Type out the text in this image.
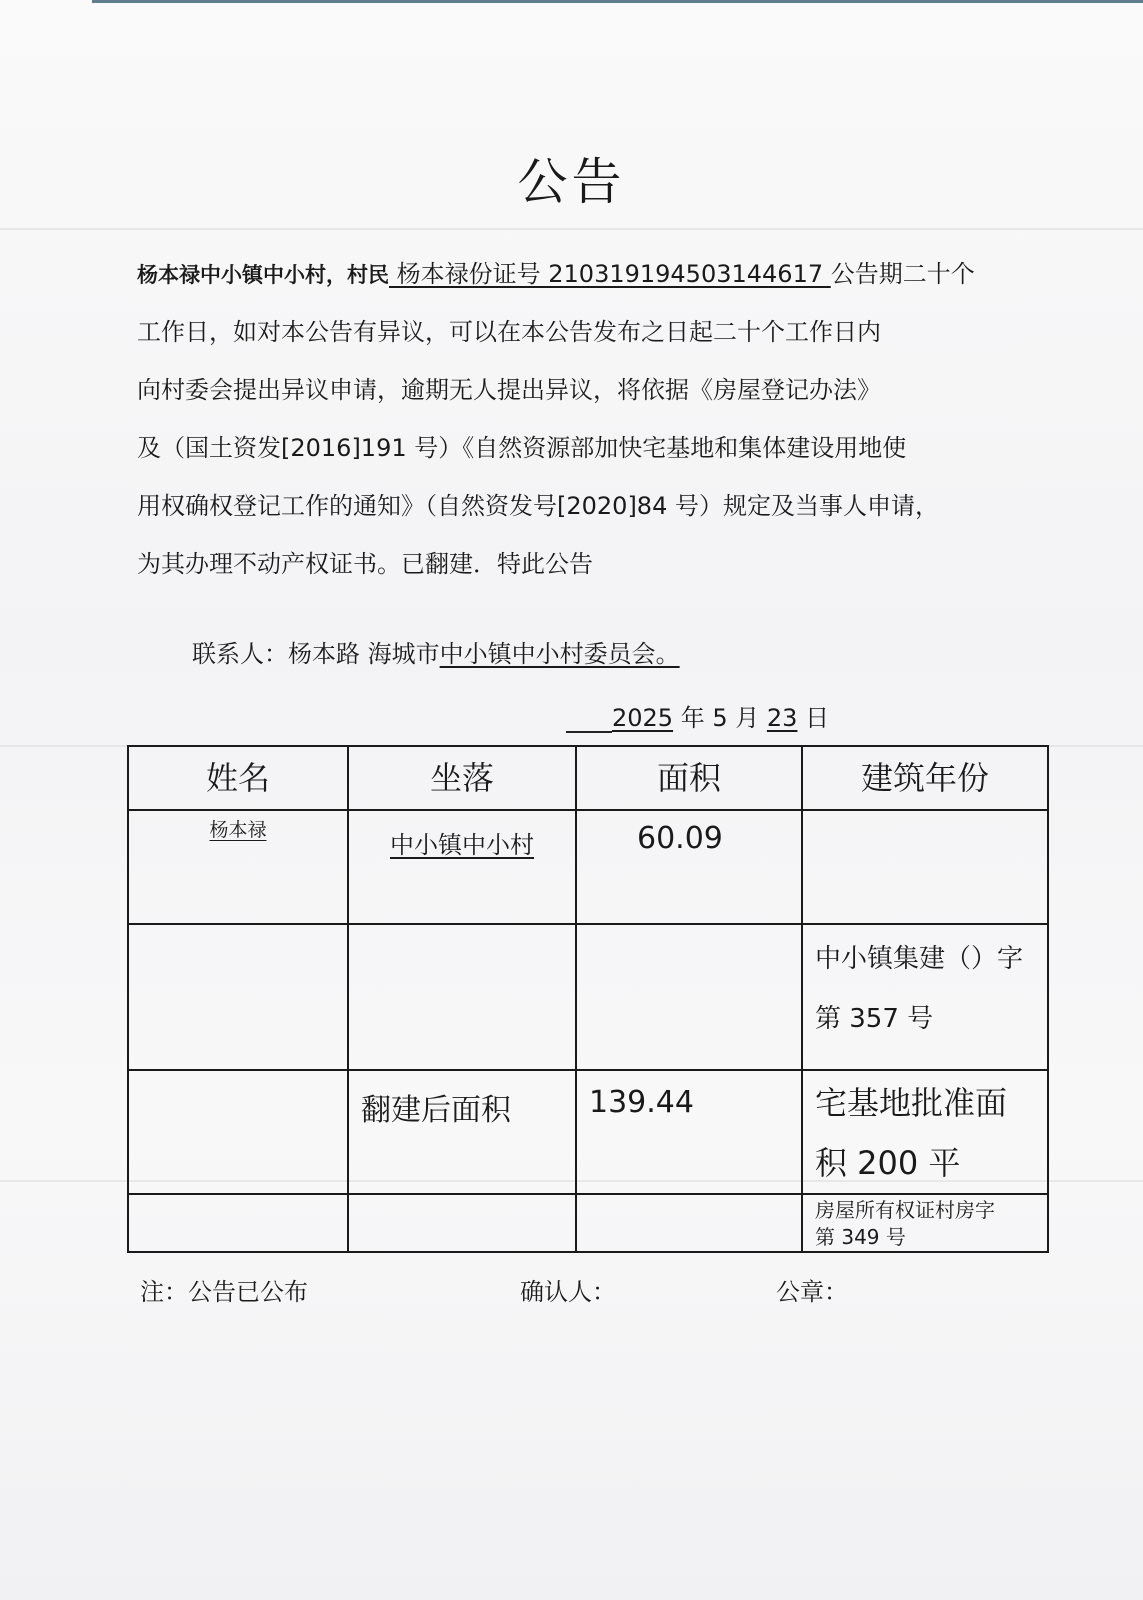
公告
杨本禄中小镇中小村，村民 杨本禄份证号 210319194503144617 公告期二十个
工作日，如对本公告有异议，可以在本公告发布之日起二十个工作日内
向村委会提出异议申请，逾期无人提出异议，将依据《房屋登记办法》
及（国土资发[2016]191 号）《自然资源部加快宅基地和集体建设用地使
用权确权登记工作的通知》（自然资发号[2020]84 号）规定及当事人申请，
为其办理不动产权证书。已翻建．特此公告
联系人：杨本路 海城市中小镇中小村委员会。
2025 年 5 月 23 日
姓名	坐落	面积	建筑年份
杨本禄	中小镇中小村	60.09	

			中小镇集建（）字
第 357 号

	翻建后面积	139.44	宅基地批准面
积 200 平

			房屋所有权证村房字
第 349 号
注：公告已公布	确认人：	公章：
